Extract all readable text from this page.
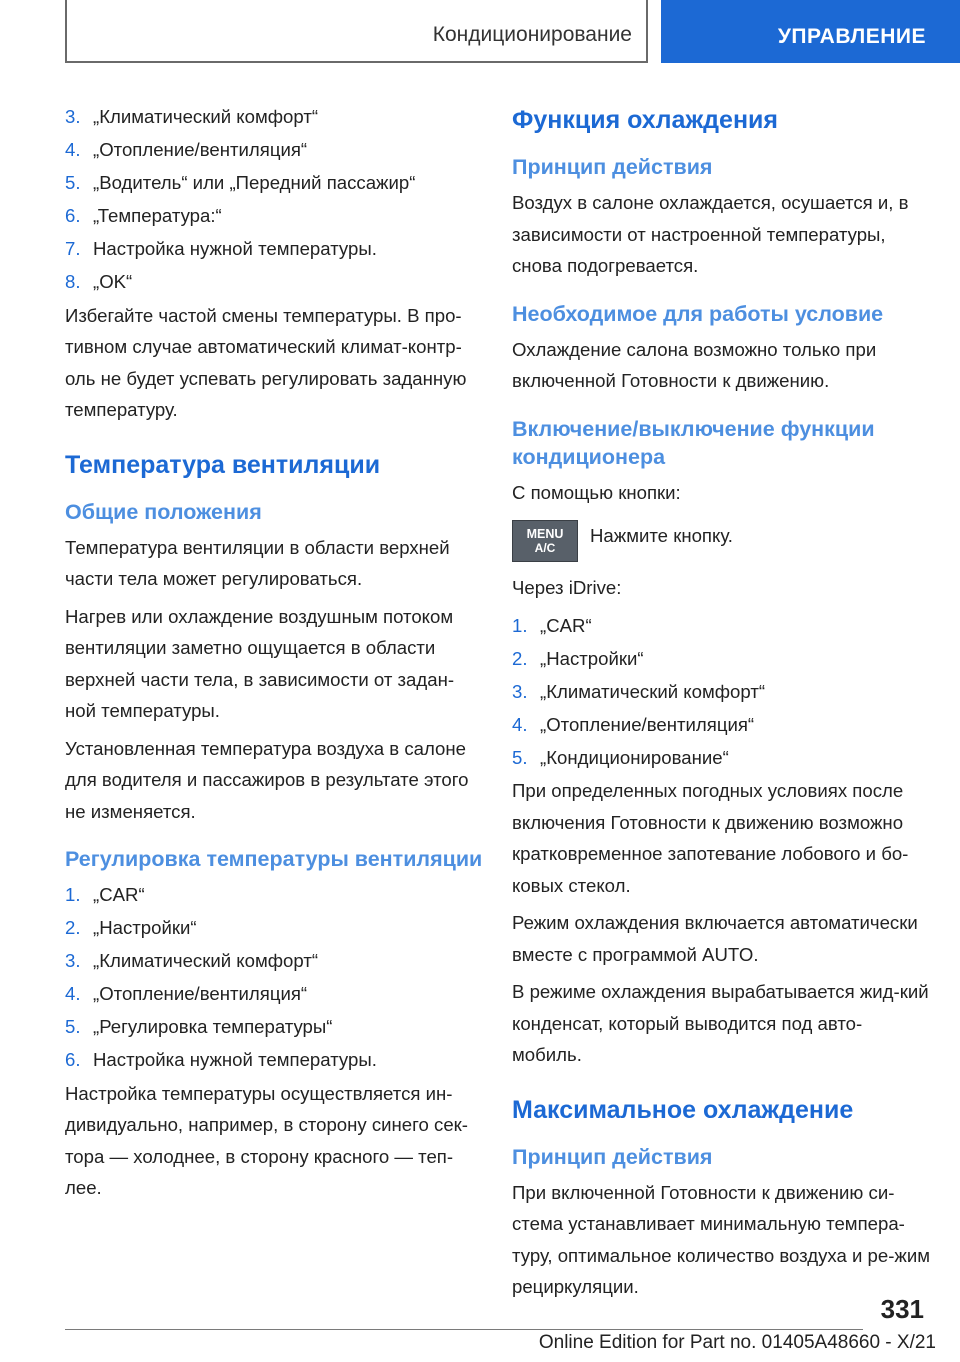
Кондиционирование	УПРАВЛЕНИЕ
3. „Климатический комфорт“
4. „Отопление/вентиляция“
5. „Водитель“ или „Передний пассажир“
6. „Температура:“
7. Настройка нужной температуры.
8. „OK“

Избегайте частой смены температуры. В про-тивном случае автоматический климат-контр-оль не будет успевать регулировать заданную температуру.

Температура вентиляции
Общие положения

Температура вентиляции в области верхней части тела может регулироваться.

Нагрев или охлаждение воздушным потоком вентиляции заметно ощущается в области верхней части тела, в зависимости от задан-ной температуры.

Установленная температура воздуха в салоне для водителя и пассажиров в результате этого не изменяется.

Регулировка температуры вентиляции
1. „CAR“
2. „Настройки“
3. „Климатический комфорт“
4. „Отопление/вентиляция“
5. „Регулировка температуры“
6. Настройка нужной температуры.

Настройка температуры осуществляется ин-дивидуально, например, в сторону синего сек-тора — холоднее, в сторону красного — теп-лее.

Функция охлаждения
Принцип действия

Воздух в салоне охлаждается, осушается и, в зависимости от настроенной температуры, снова подогревается.

Необходимое для работы условие

Охлаждение салона возможно только при включенной Готовности к движению.

Включение/выключение функции кондиционера

С помощью кнопки:

MENU
A/C
Нажмите кнопку.

Через iDrive:

1. „CAR“
2. „Настройки“
3. „Климатический комфорт“
4. „Отопление/вентиляция“
5. „Кондиционирование“

При определенных погодных условиях после включения Готовности к движению возможно кратковременное запотевание лобового и бо-ковых стекол.

Режим охлаждения включается автоматически вместе с программой AUTO.

В режиме охлаждения вырабатывается жид-кий конденсат, который выводится под авто-мобиль.

Максимальное охлаждение
Принцип действия

При включенной Готовности к движению си-стема устанавливает минимальную темпера-туру, оптимальное количество воздуха и ре-жим рециркуляции.

331
Online Edition for Part no. 01405A48660 - X/21
